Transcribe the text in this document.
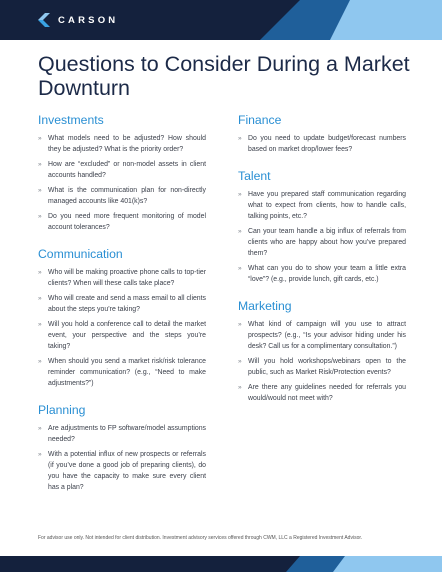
CARSON
Questions to Consider During a Market Downturn
Investments
» What models need to be adjusted? How should they be adjusted? What is the priority order?
» How are “excluded” or non-model assets in client accounts handled?
» What is the communication plan for non-directly managed accounts like 401(k)s?
» Do you need more frequent monitoring of model account tolerances?
Communication
» Who will be making proactive phone calls to top-tier clients? When will these calls take place?
» Who will create and send a mass email to all clients about the steps you’re taking?
» Will you hold a conference call to detail the market event, your perspective and the steps you’re taking?
» When should you send a market risk/risk tolerance reminder communication? (e.g., “Need to make adjustments?”)
Planning
» Are adjustments to FP software/model assumptions needed?
» With a potential influx of new prospects or referrals (if you’ve done a good job of preparing clients), do you have the capacity to make sure every client has a plan?
Finance
» Do you need to update budget/forecast numbers based on market drop/lower fees?
Talent
» Have you prepared staff communication regarding what to expect from clients, how to handle calls, talking points, etc.?
» Can your team handle a big influx of referrals from clients who are happy about how you’ve prepared them?
» What can you do to show your team a little extra “love”? (e.g., provide lunch, gift cards, etc.)
Marketing
» What kind of campaign will you use to attract prospects? (e.g., “Is your advisor hiding under his desk? Call us for a complimentary consultation.”)
» Will you hold workshops/webinars open to the public, such as Market Risk/Protection events?
» Are there any guidelines needed for referrals you would/would not meet with?
For advisor use only. Not intended for client distribution. Investment advisory services offered through CWM, LLC a Registered Investment Advisor.
